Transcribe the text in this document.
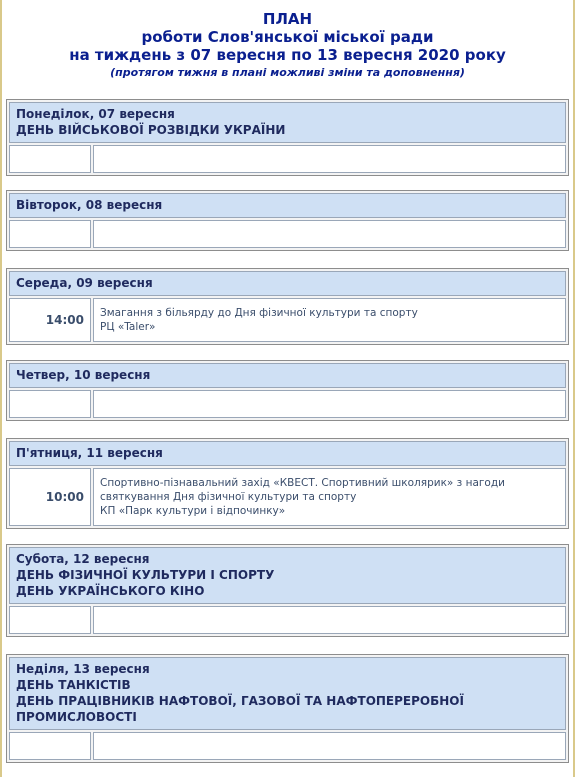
ПЛАН
роботи Слов'янської міської ради
на тиждень з 07 вересня по 13 вересня 2020 року
(протягом тижня в плані можливі зміни та доповнення)
Понеділок, 07 вересня
ДЕНЬ ВІЙСЬКОВОЇ РОЗВІДКИ УКРАЇНИ
Вівторок, 08 вересня
Середа, 09 вересня
14:00	Змагання з більярду до Дня фізичної культури та спорту
РЦ «Taler»
Четвер, 10 вересня
П'ятниця, 11 вересня
10:00
Спортивно-пізнавальний захід «КВЕСТ. Спортивний школярик» з нагоди
святкування Дня фізичної культури та спорту
КП «Парк культури і відпочинку»
Субота, 12 вересня
ДЕНЬ ФІЗИЧНОЇ КУЛЬТУРИ І СПОРТУ
ДЕНЬ УКРАЇНСЬКОГО КІНО
Неділя, 13 вересня
ДЕНЬ ТАНКІСТІВ
ДЕНЬ ПРАЦІВНИКІВ НАФТОВОЇ, ГАЗОВОЇ ТА НАФТОПЕРЕРОБНОЇ
ПРОМИСЛОВОСТІ
